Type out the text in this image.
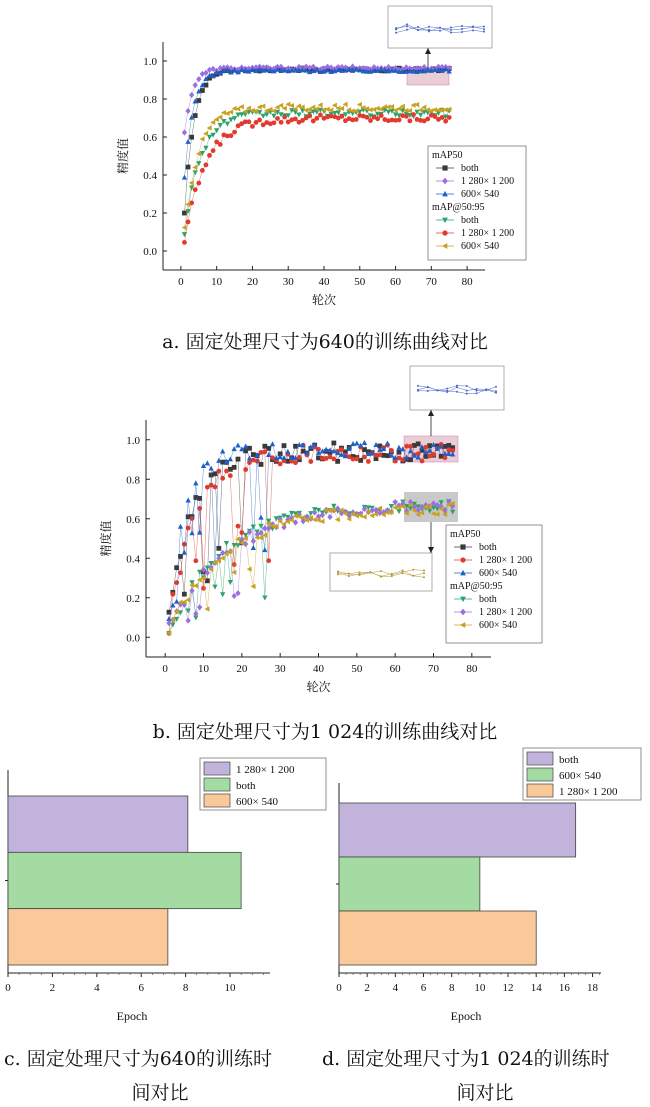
0.0
0.2
0.4
0.6
0.8
1.0
0	10 20 30 40 50 60 70 80
轮次
精度值	mAP50
both
1 280× 1 200
600× 540
mAP@50:95
both
1 280× 1 200
600× 540
0.0
0.2
0.4
0.6
0.8
1.0
0	10 20 30 40 50 60 70 80
轮次
精度值	mAP50
both
1 280× 1 200
600× 540
mAP@50:95
both
1 280× 1 200
600× 540
0	2	4	6	8	10
Epoch
1 280× 1 200
both
600× 540
0 2 4 6 8 10 12 14 16 18
Epoch
both
600× 540
1 280× 1 200
a. 固定处理尺寸为640的训练曲线对比
b. 固定处理尺寸为1 024的训练曲线对比
c. 固定处理尺寸为640的训练时
间对比
d. 固定处理尺寸为1 024的训练时
间对比
